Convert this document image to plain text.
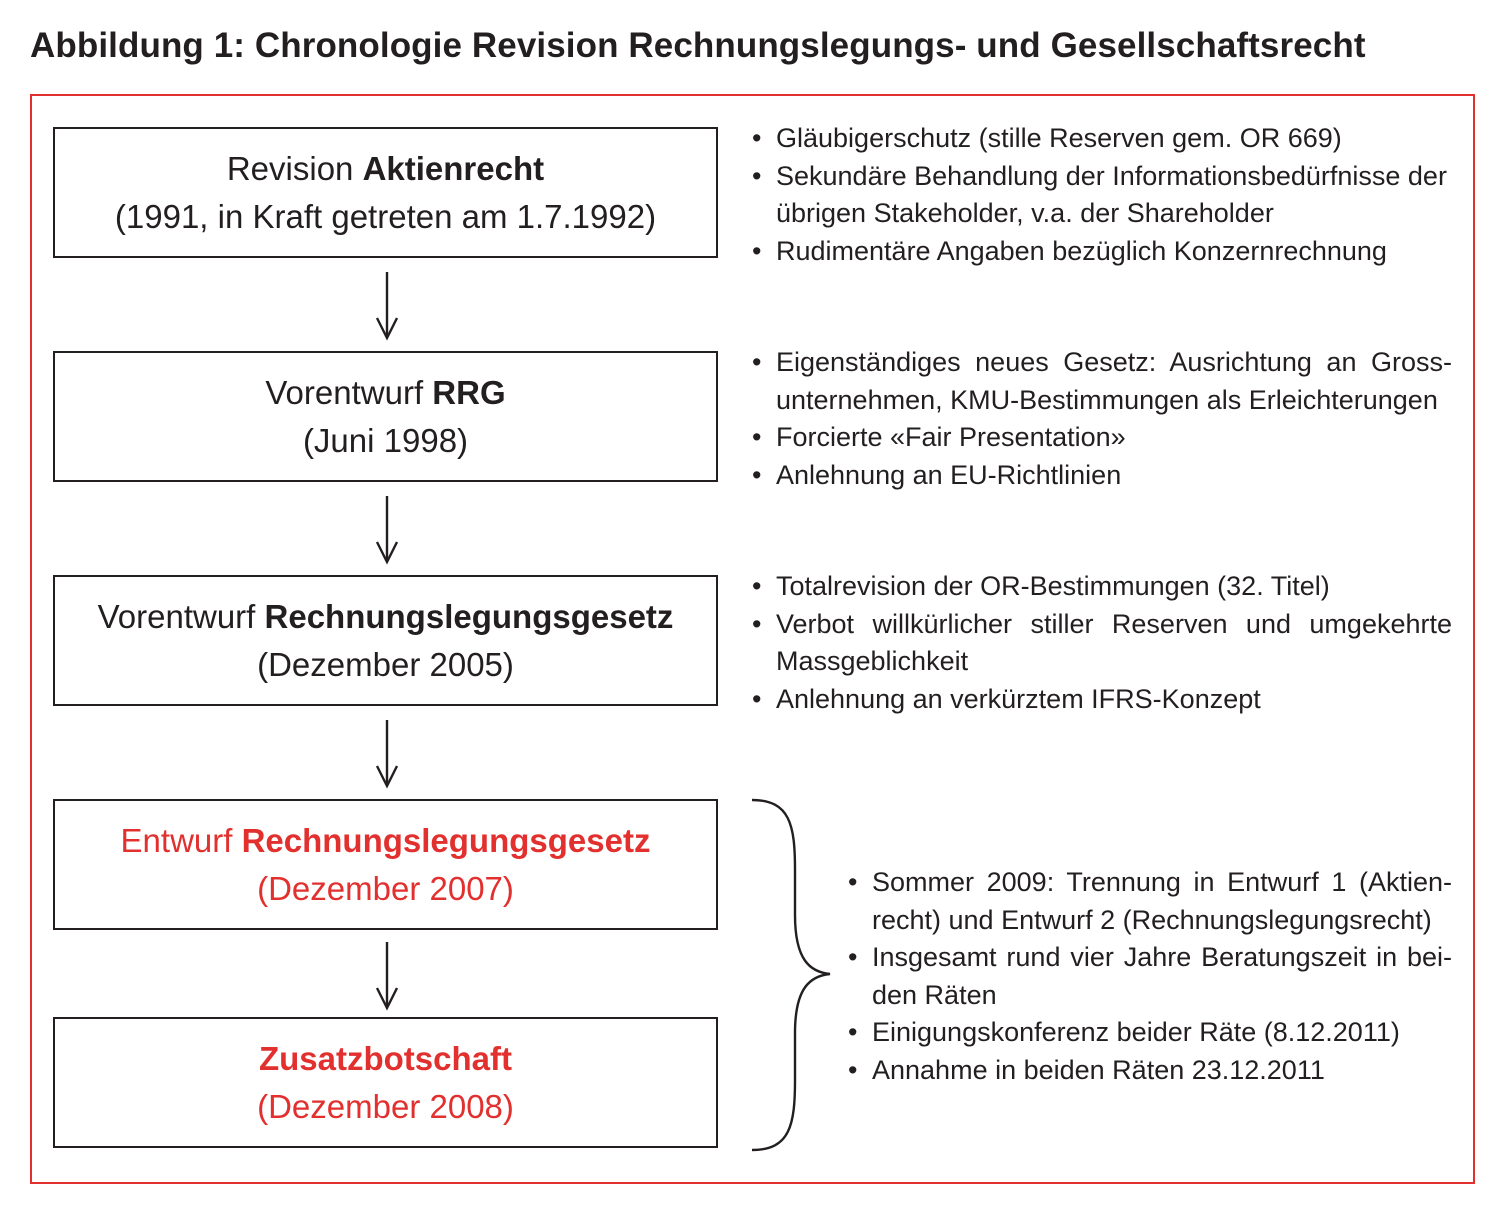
Abbildung 1: Chronologie Revision Rechnungslegungs- und Gesellschaftsrecht
Revision Aktienrecht
(1991, in Kraft getreten am 1.7.1992)
Vorentwurf RRG
(Juni 1998)
Vorentwurf Rechnungslegungsgesetz
(Dezember 2005)
Entwurf Rechnungslegungsgesetz
(Dezember 2007)
Zusatzbotschaft
(Dezember 2008)
• Gläubigerschutz (stille Reserven gem. OR 669)
• Sekundäre Behandlung der Informationsbedürfnisse der übrigen Stakeholder, v.a. der Shareholder
• Rudimentäre Angaben bezüglich Konzernrechnung
• Eigenständiges neues Gesetz: Ausrichtung an Gross-unternehmen, KMU-Bestimmungen als Erleichterungen
• Forcierte «Fair Presentation»
• Anlehnung an EU-Richtlinien
• Totalrevision der OR-Bestimmungen (32. Titel)
• Verbot willkürlicher stiller Reserven und umgekehrte Massgeblichkeit
• Anlehnung an verkürztem IFRS-Konzept
• Sommer 2009: Trennung in Entwurf 1 (Aktien-recht) und Entwurf 2 (Rechnungslegungsrecht)
• Insgesamt rund vier Jahre Beratungszeit in bei-den Räten
• Einigungskonferenz beider Räte (8.12.2011)
• Annahme in beiden Räten 23.12.2011
